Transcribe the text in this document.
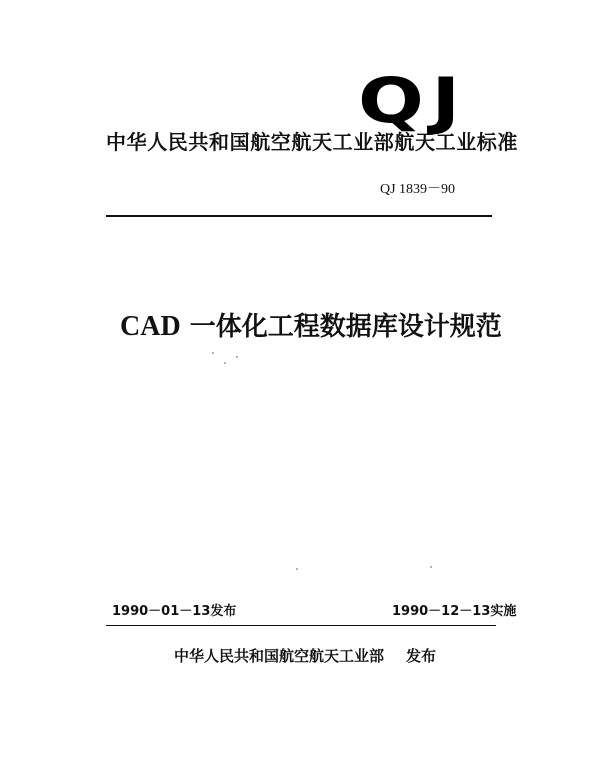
QJ
中华人民共和国航空航天工业部航天工业标准
QJ 1839－90
CAD 一体化工程数据库设计规范
1990－01－13发布	1990－12－13实施
中华人民共和国航空航天工业部 发布
